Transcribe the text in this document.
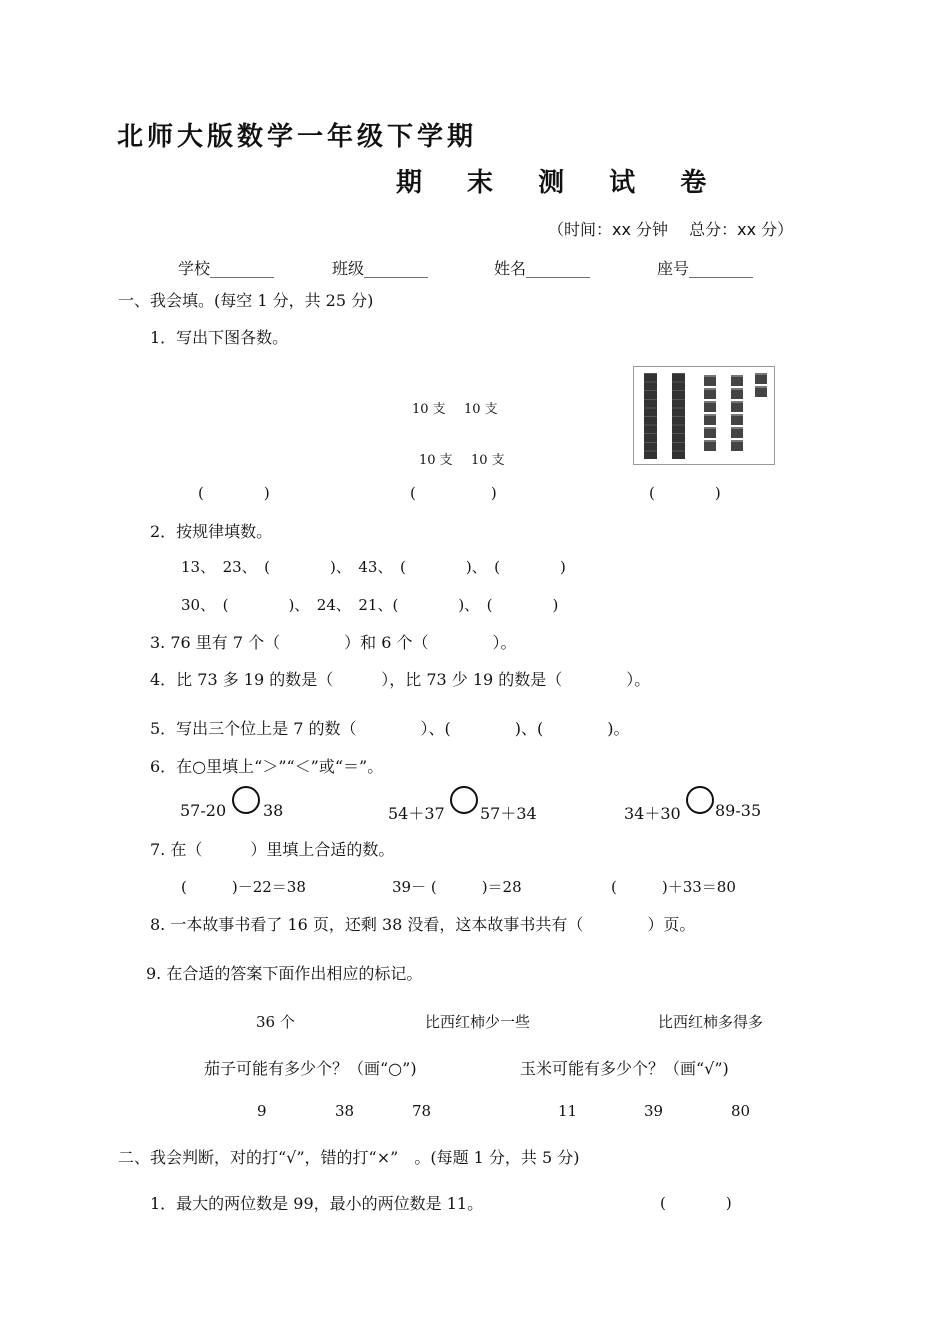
北师大版数学一年级下学期
期 末 测 试 卷
（时间：xx 分钟　 总分：xx 分）
学校________	班级________	姓名________	座号________
一、我会填。(每空 1 分，共 25 分)
1．写出下图各数。
10 支 10 支
10 支 10 支
(　　　　)	(　　　　　)	(　　　　)
2．按规律填数。
13、　23、　(　　　　)、　43、　(　　　　)、　(　　　　)
30、　(　　　　)、　24、　21、(　　　　)、　(　　　　)
3. 76 里有 7 个（　　　　）和 6 个（　　　　）。
4．比 73 多 19 的数是（　　　），比 73 少 19 的数是（　　　　）。
5．写出三个位上是 7 的数（　　　　）、(　　　　)、(　　　　)。
6．在○里填上“＞”“＜”或“＝”。
57-20 38	54＋37 57＋34	34＋30 89-35
7. 在（　　　）里填上合适的数。
(　　　)－22＝38	39－ (　　　)＝28	(　　　)＋33＝80
8. 一本故事书看了 16 页，还剩 38 没看，这本故事书共有（　　　　）页。
9. 在合适的答案下面作出相应的标记。
36 个	比西红柿少一些	比西红柿多得多
茄子可能有多少个？（画“○”)	玉米可能有多少个？（画“√”)
9	38	78	11	39	80
二、我会判断，对的打“√”，错的打“×”　。(每题 1 分，共 5 分)
1．最大的两位数是 99，最小的两位数是 11。	(　　　　)
